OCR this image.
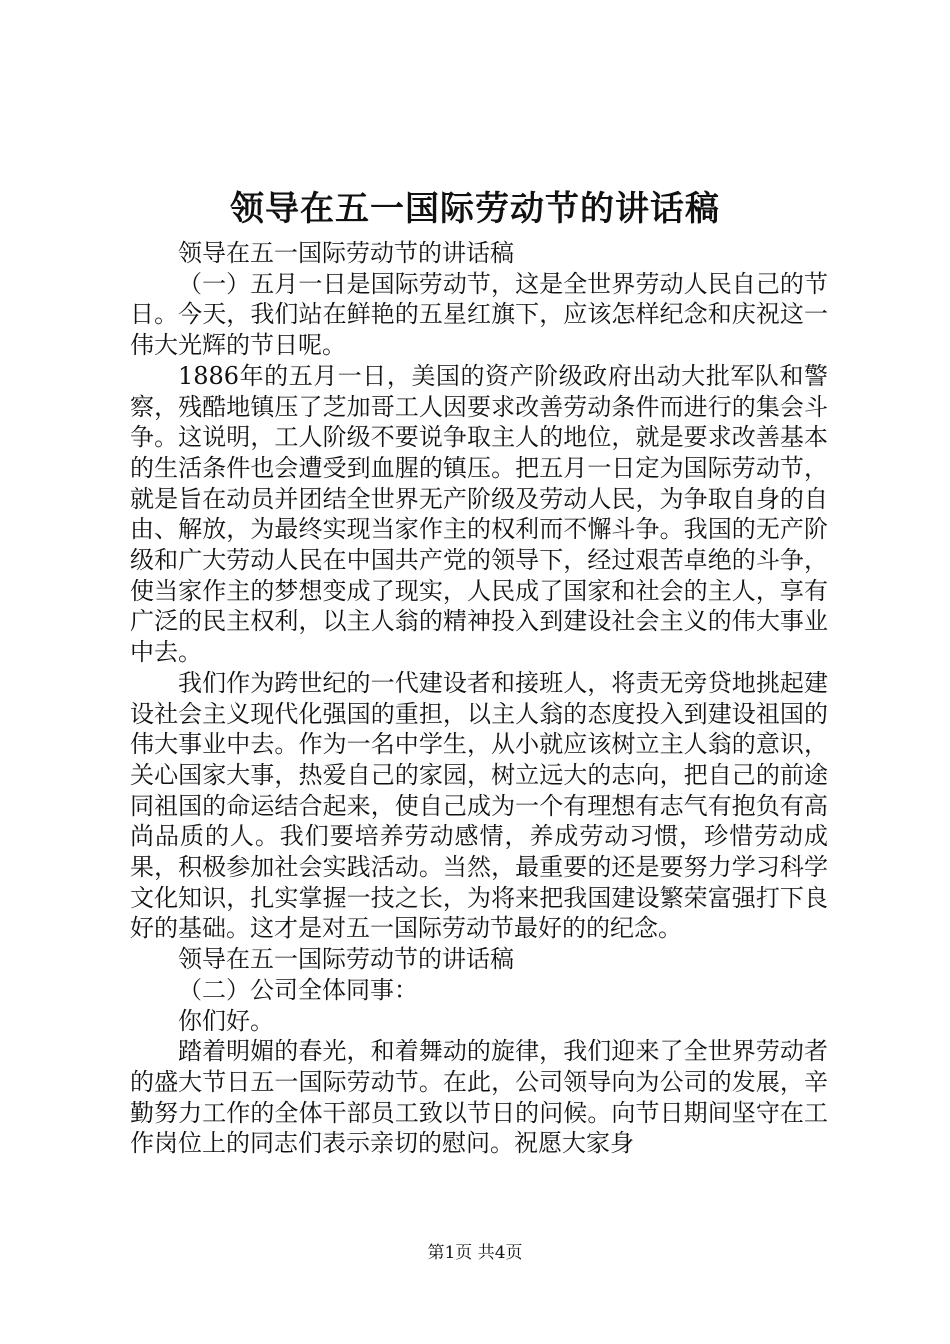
领导在五一国际劳动节的讲话稿

领导在五一国际劳动节的讲话稿

（一）五月一日是国际劳动节，这是全世界劳动人民自己的节日。今天，我们站在鲜艳的五星红旗下，应该怎样纪念和庆祝这一伟大光辉的节日呢。

1886年的五月一日，美国的资产阶级政府出动大批军队和警察，残酷地镇压了芝加哥工人因要求改善劳动条件而进行的集会斗争。这说明，工人阶级不要说争取主人的地位，就是要求改善基本的生活条件也会遭受到血腥的镇压。把五月一日定为国际劳动节，就是旨在动员并团结全世界无产阶级及劳动人民，为争取自身的自由、解放，为最终实现当家作主的权利而不懈斗争。我国的无产阶级和广大劳动人民在中国共产党的领导下，经过艰苦卓绝的斗争，使当家作主的梦想变成了现实，人民成了国家和社会的主人，享有广泛的民主权利，以主人翁的精神投入到建设社会主义的伟大事业中去。

我们作为跨世纪的一代建设者和接班人，将责无旁贷地挑起建设社会主义现代化强国的重担，以主人翁的态度投入到建设祖国的伟大事业中去。作为一名中学生，从小就应该树立主人翁的意识，关心国家大事，热爱自己的家园，树立远大的志向，把自己的前途同祖国的命运结合起来，使自己成为一个有理想有志气有抱负有高尚品质的人。我们要培养劳动感情，养成劳动习惯，珍惜劳动成果，积极参加社会实践活动。当然，最重要的还是要努力学习科学文化知识，扎实掌握一技之长，为将来把我国建设繁荣富强打下良好的基础。这才是对五一国际劳动节最好的的纪念。

领导在五一国际劳动节的讲话稿

（二）公司全体同事：

你们好。

踏着明媚的春光，和着舞动的旋律，我们迎来了全世界劳动者的盛大节日五一国际劳动节。在此，公司领导向为公司的发展，辛勤努力工作的全体干部员工致以节日的问候。向节日期间坚守在工作岗位上的同志们表示亲切的慰问。祝愿大家身

第1页 共4页
